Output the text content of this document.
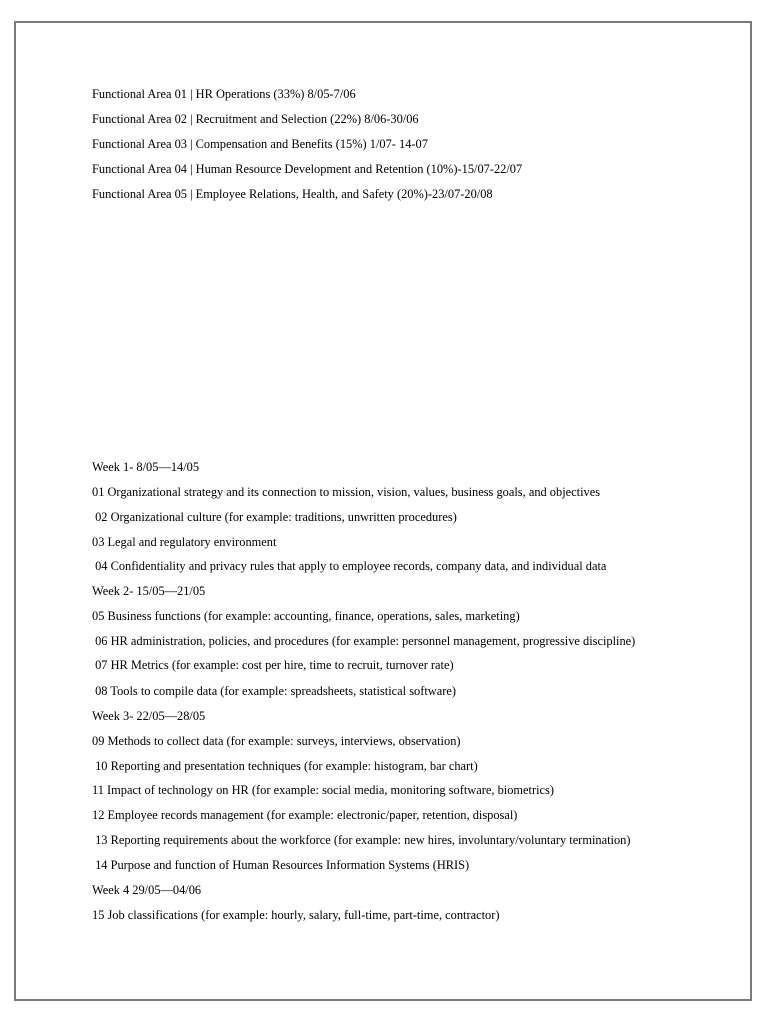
Functional Area 01 | HR Operations (33%) 8/05-7/06
Functional Area 02 | Recruitment and Selection (22%) 8/06-30/06
Functional Area 03 | Compensation and Benefits (15%) 1/07- 14-07
Functional Area 04 | Human Resource Development and Retention (10%)-15/07-22/07
Functional Area 05 | Employee Relations, Health, and Safety (20%)-23/07-20/08
Week 1- 8/05—14/05
01 Organizational strategy and its connection to mission, vision, values, business goals, and objectives
02 Organizational culture (for example: traditions, unwritten procedures)
03 Legal and regulatory environment
04 Confidentiality and privacy rules that apply to employee records, company data, and individual data
Week 2- 15/05—21/05
05 Business functions (for example: accounting, finance, operations, sales, marketing)
06 HR administration, policies, and procedures (for example: personnel management, progressive discipline)
07 HR Metrics (for example: cost per hire, time to recruit, turnover rate)
08 Tools to compile data (for example: spreadsheets, statistical software)
Week 3- 22/05—28/05
09 Methods to collect data (for example: surveys, interviews, observation)
10 Reporting and presentation techniques (for example: histogram, bar chart)
11 Impact of technology on HR (for example: social media, monitoring software, biometrics)
12 Employee records management (for example: electronic/paper, retention, disposal)
13 Reporting requirements about the workforce (for example: new hires, involuntary/voluntary termination)
14 Purpose and function of Human Resources Information Systems (HRIS)
Week 4 29/05—04/06
15 Job classifications (for example: hourly, salary, full-time, part-time, contractor)
